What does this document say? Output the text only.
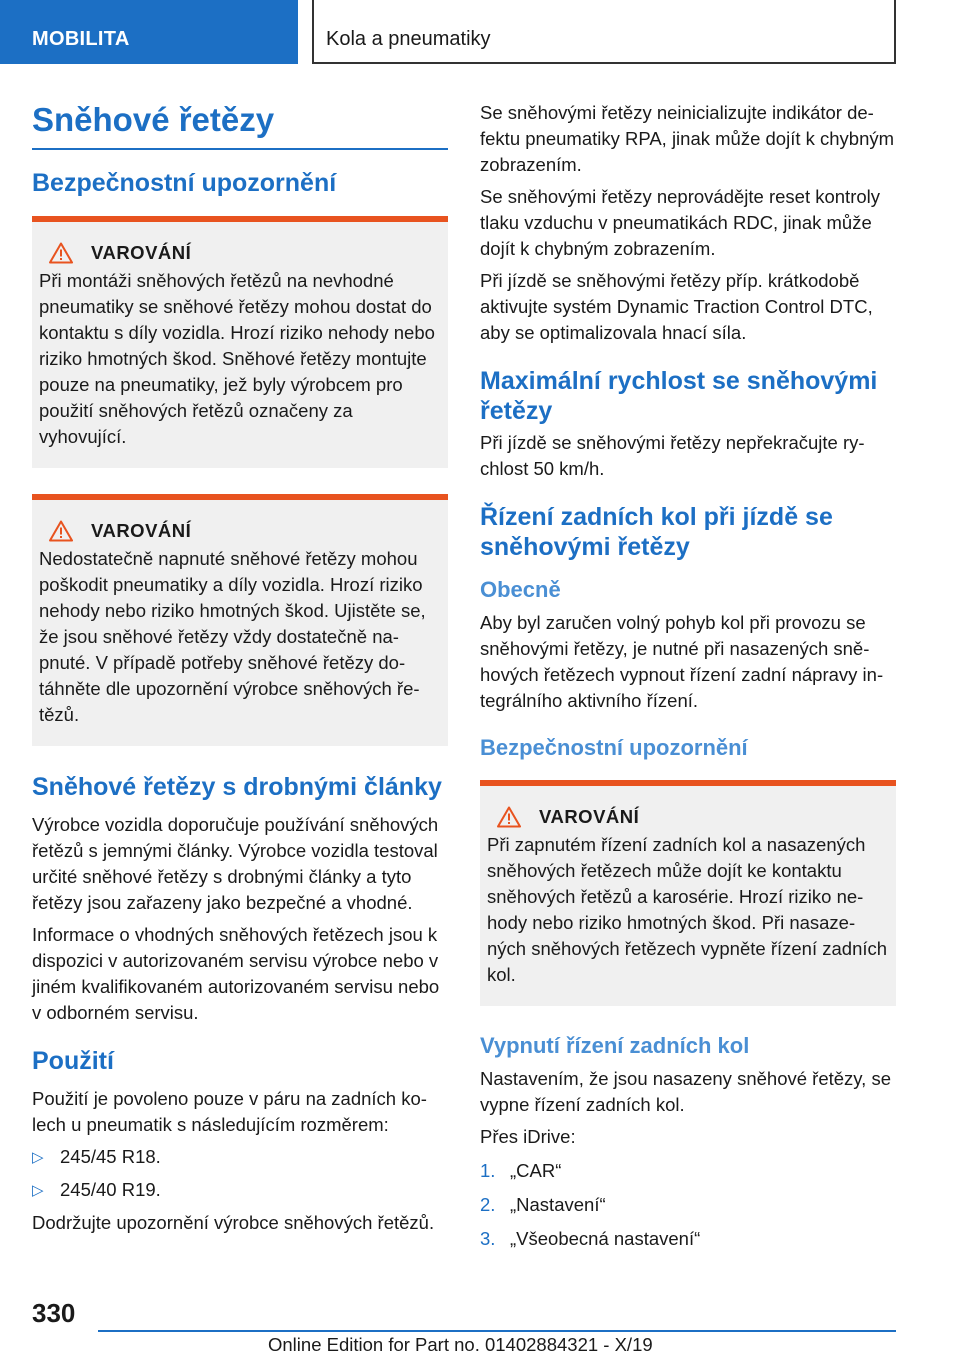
MOBILITA	Kola a pneumatiky
Sněhové řetězy
Bezpečnostní upozornění
VAROVÁNÍ

Při montáži sněhových řetězů na nevhodné pneumatiky se sněhové řetězy mohou dostat do kontaktu s díly vozidla. Hrozí riziko nehody nebo riziko hmotných škod. Sněhové řetězy montujte pouze na pneumatiky, jež byly výrobcem pro použití sněhových řetězů označeny za vyhovující.

VAROVÁNÍ

Nedostatečně napnuté sněhové řetězy mohou poškodit pneumatiky a díly vozidla. Hrozí riziko nehody nebo riziko hmotných škod. Ujistěte se, že jsou sněhové řetězy vždy dostatečně napnuté. V případě potřeby sněhové řetězy dotáhněte dle upozornění výrobce sněhových řetězů.

Sněhové řetězy s drobnými články

Výrobce vozidla doporučuje používání sněhových řetězů s jemnými články. Výrobce vozidla testoval určité sněhové řetězy s drobnými články a tyto řetězy jsou zařazeny jako bezpečné a vhodné.

Informace o vhodných sněhových řetězech jsou k dispozici v autorizovaném servisu výrobce nebo v jiném kvalifikovaném autorizovaném servisu nebo v odborném servisu.

Použití

Použití je povoleno pouze v páru na zadních kolech u pneumatik s následujícím rozměrem:

▷ 245/45 R18.
▷ 245/40 R19.

Dodržujte upozornění výrobce sněhových řetězů.

Se sněhovými řetězy neinicializujte indikátor defektu pneumatiky RPA, jinak může dojít k chybným zobrazením.

Se sněhovými řetězy neprovádějte reset kontroly tlaku vzduchu v pneumatikách RDC, jinak může dojít k chybným zobrazením.

Při jízdě se sněhovými řetězy příp. krátkodobě aktivujte systém Dynamic Traction Control DTC, aby se optimalizovala hnací síla.

Maximální rychlost se sněhovými řetězy

Při jízdě se sněhovými řetězy nepřekračujte rychlost 50 km/h.

Řízení zadních kol při jízdě se sněhovými řetězy
Obecně

Aby byl zaručen volný pohyb kol při provozu se sněhovými řetězy, je nutné při nasazených sněhových řetězech vypnout řízení zadní nápravy integrálního aktivního řízení.

Bezpečnostní upozornění
VAROVÁNÍ

Při zapnutém řízení zadních kol a nasazených sněhových řetězech může dojít ke kontaktu sněhových řetězů a karosérie. Hrozí riziko nehody nebo riziko hmotných škod. Při nasazených sněhových řetězech vypněte řízení zadních kol.

Vypnutí řízení zadních kol

Nastavením, že jsou nasazeny sněhové řetězy, se vypne řízení zadních kol.

Přes iDrive:

1. „CAR“
2. „Nastavení“
3. „Všeobecná nastavení“
330
Online Edition for Part no. 01402884321 - X/19
